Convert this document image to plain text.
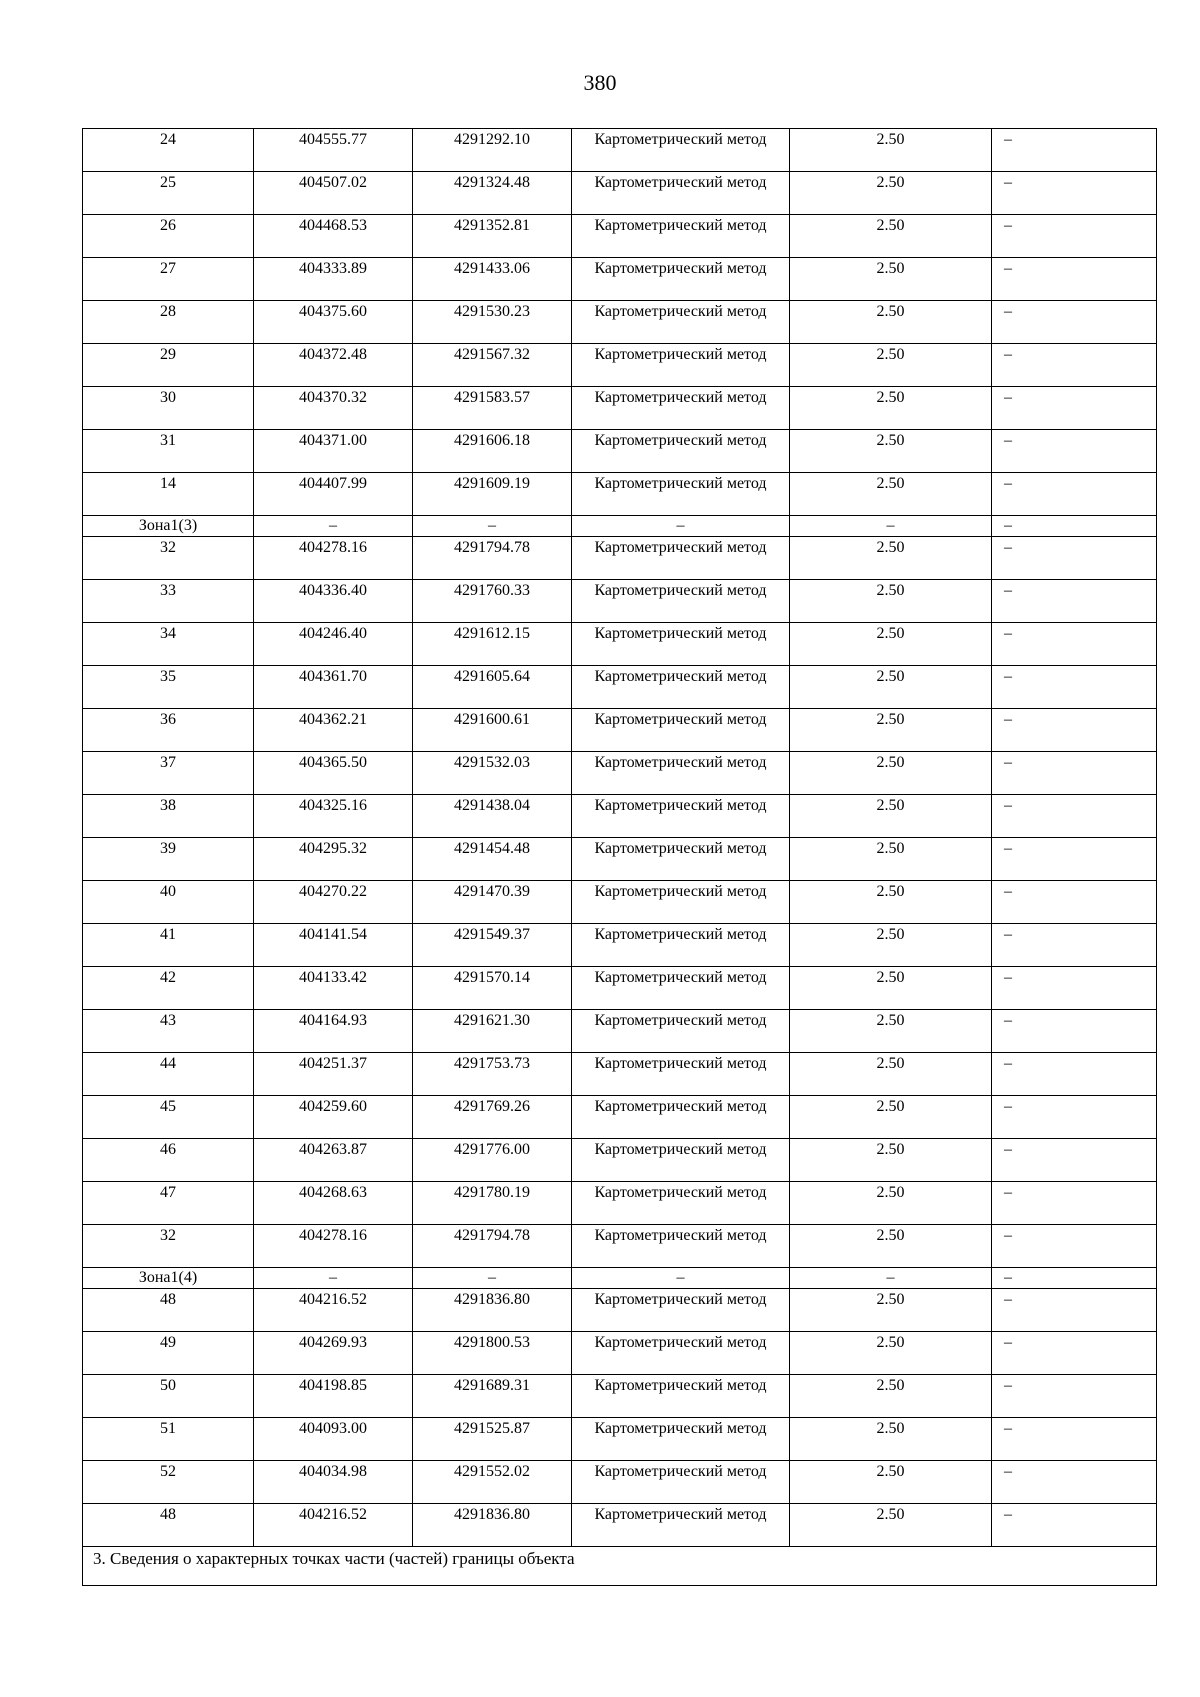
380
24	404555.77	4291292.10	Картометрический метод	2.50	–
25	404507.02	4291324.48	Картометрический метод	2.50	–
26	404468.53	4291352.81	Картометрический метод	2.50	–
27	404333.89	4291433.06	Картометрический метод	2.50	–
28	404375.60	4291530.23	Картометрический метод	2.50	–
29	404372.48	4291567.32	Картометрический метод	2.50	–
30	404370.32	4291583.57	Картометрический метод	2.50	–
31	404371.00	4291606.18	Картометрический метод	2.50	–
14	404407.99	4291609.19	Картометрический метод	2.50	–
Зона1(3)	–	–	–	–	–
32	404278.16	4291794.78	Картометрический метод	2.50	–
33	404336.40	4291760.33	Картометрический метод	2.50	–
34	404246.40	4291612.15	Картометрический метод	2.50	–
35	404361.70	4291605.64	Картометрический метод	2.50	–
36	404362.21	4291600.61	Картометрический метод	2.50	–
37	404365.50	4291532.03	Картометрический метод	2.50	–
38	404325.16	4291438.04	Картометрический метод	2.50	–
39	404295.32	4291454.48	Картометрический метод	2.50	–
40	404270.22	4291470.39	Картометрический метод	2.50	–
41	404141.54	4291549.37	Картометрический метод	2.50	–
42	404133.42	4291570.14	Картометрический метод	2.50	–
43	404164.93	4291621.30	Картометрический метод	2.50	–
44	404251.37	4291753.73	Картометрический метод	2.50	–
45	404259.60	4291769.26	Картометрический метод	2.50	–
46	404263.87	4291776.00	Картометрический метод	2.50	–
47	404268.63	4291780.19	Картометрический метод	2.50	–
32	404278.16	4291794.78	Картометрический метод	2.50	–
Зона1(4)	–	–	–	–	–
48	404216.52	4291836.80	Картометрический метод	2.50	–
49	404269.93	4291800.53	Картометрический метод	2.50	–
50	404198.85	4291689.31	Картометрический метод	2.50	–
51	404093.00	4291525.87	Картометрический метод	2.50	–
52	404034.98	4291552.02	Картометрический метод	2.50	–
48	404216.52	4291836.80	Картометрический метод	2.50	–
3. Сведения о характерных точках части (частей) границы объекта					
